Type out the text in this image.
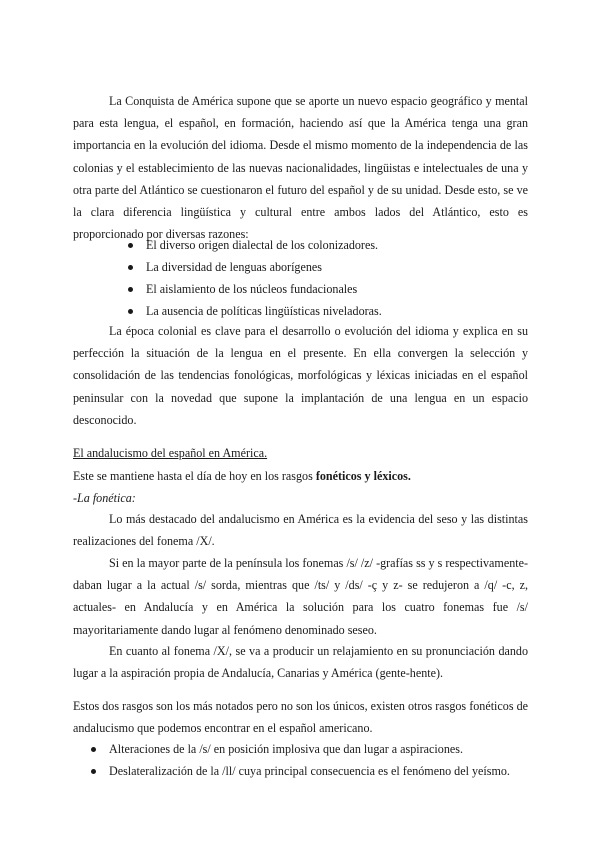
La Conquista de América supone que se aporte un nuevo espacio geográfico y mental para esta lengua, el español, en formación, haciendo así que la América tenga una gran importancia en la evolución del idioma. Desde el mismo momento de la independencia de las colonias y el establecimiento de las nuevas nacionalidades, lingüistas e intelectuales de una y otra parte del Atlántico se cuestionaron el futuro del español y de su unidad. Desde esto, se ve la clara diferencia lingüística y cultural entre ambos lados del Atlántico, esto es proporcionado por diversas razones:

El diverso origen dialectal de los colonizadores.
La diversidad de lenguas aborígenes
El aislamiento de los núcleos fundacionales
La ausencia de políticas lingüísticas niveladoras.

La época colonial es clave para el desarrollo o evolución del idioma y explica en su perfección la situación de la lengua en el presente. En ella convergen la selección y consolidación de las tendencias fonológicas, morfológicas y léxicas iniciadas en el español peninsular con la novedad que supone la implantación de una lengua en un espacio desconocido.

El andalucismo del español en América.

Este se mantiene hasta el día de hoy en los rasgos fonéticos y léxicos.

-La fonética:

Lo más destacado del andalucismo en América es la evidencia del seso y las distintas realizaciones del fonema /X/.

Si en la mayor parte de la península los fonemas /s/ /z/ -grafías ss y s respectivamente- daban lugar a la actual /s/ sorda, mientras que /ts/ y /ds/ -ç y z- se redujeron a /q/ -c, z, actuales- en Andalucía y en América la solución para los cuatro fonemas fue /s/ mayoritariamente dando lugar al fenómeno denominado seseo.

En cuanto al fonema /X/, se va a producir un relajamiento en su pronunciación dando lugar a la aspiración propia de Andalucía, Canarias y América (gente-hente).

Estos dos rasgos son los más notados pero no son los únicos, existen otros rasgos fonéticos de andalucismo que podemos encontrar en el español americano.

Alteraciones de la /s/ en posición implosiva que dan lugar a aspiraciones.
Deslateralización de la /ll/ cuya principal consecuencia es el fenómeno del yeísmo.
